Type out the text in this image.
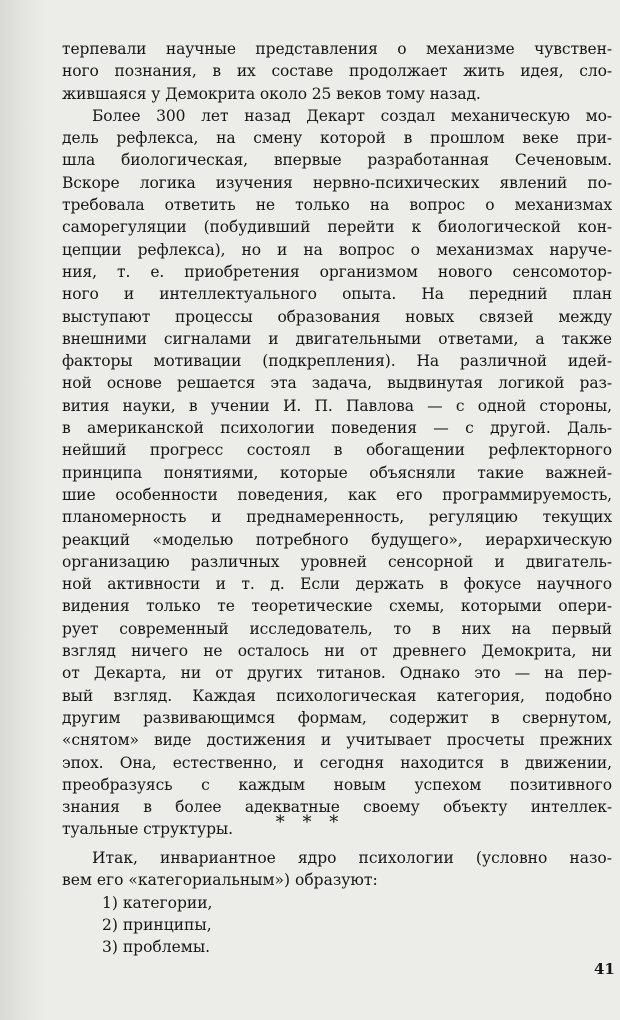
терпевали научные представления о механизме чувствен-
ного познания, в их составе продолжает жить идея, сло-
жившаяся у Демокрита около 25 веков тому назад.
Более 300 лет назад Декарт создал механическую мо-
дель рефлекса, на смену которой в прошлом веке при-
шла биологическая, впервые разработанная Сеченовым.
Вскоре логика изучения нервно-психических явлений по-
требовала ответить не только на вопрос о механизмах
саморегуляции (побудивший перейти к биологической кон-
цепции рефлекса), но и на вопрос о механизмах наруче-
ния, т. е. приобретения организмом нового сенсомотор-
ного и интеллектуального опыта. На передний план
выступают процессы образования новых связей между
внешними сигналами и двигательными ответами, а также
факторы мотивации (подкрепления). На различной идей-
ной основе решается эта задача, выдвинутая логикой раз-
вития науки, в учении И. П. Павлова — с одной стороны,
в американской психологии поведения — с другой. Даль-
нейший прогресс состоял в обогащении рефлекторного
принципа понятиями, которые объясняли такие важней-
шие особенности поведения, как его программируемость,
планомерность и преднамеренность, регуляцию текущих
реакций «моделью потребного будущего», иерархическую
организацию различных уровней сенсорной и двигатель-
ной активности и т. д. Если держать в фокусе научного
видения только те теоретические схемы, которыми опери-
рует современный исследователь, то в них на первый
взгляд ничего не осталось ни от древнего Демокрита, ни
от Декарта, ни от других титанов. Однако это — на пер-
вый взгляд. Каждая психологическая категория, подобно
другим развивающимся формам, содержит в свернутом,
«снятом» виде достижения и учитывает просчеты прежних
эпох. Она, естественно, и сегодня находится в движении,
преобразуясь с каждым новым успехом позитивного
знания в более адекватные своему объекту интеллек-
туальные структуры.	* * *
Итак, инвариантное ядро психологии (условно назо-
вем его «категориальным») образуют:
1) категории,
2) принципы,
3) проблемы.
41
